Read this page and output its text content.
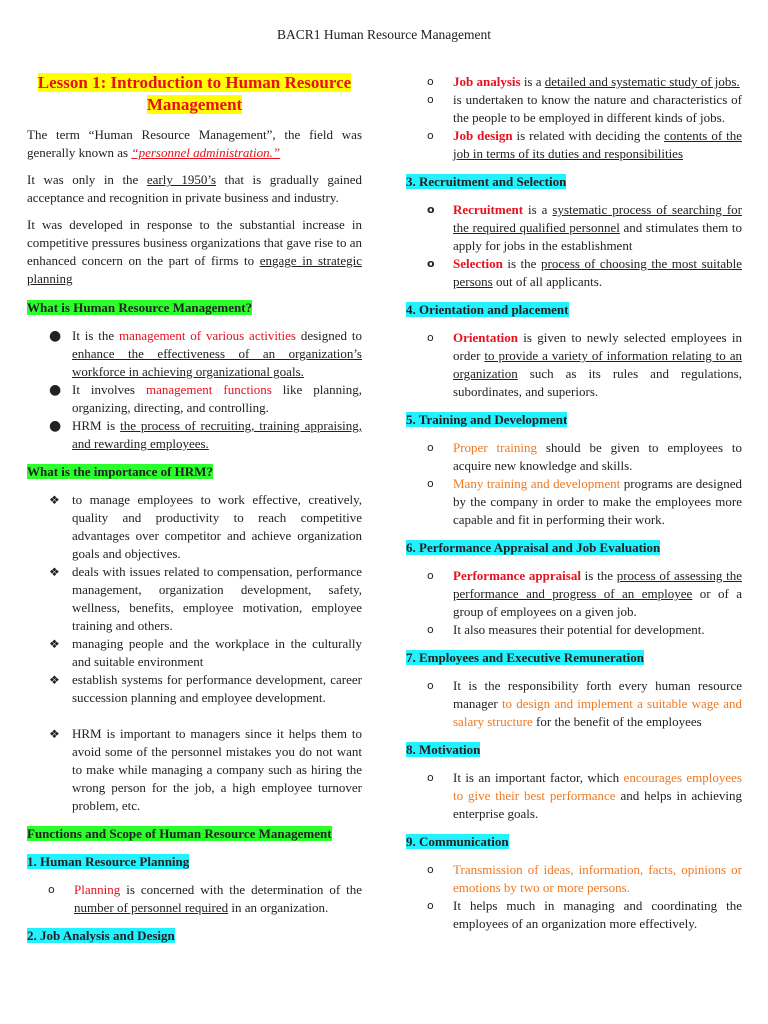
BACR1 Human Resource Management
Lesson 1: Introduction to Human Resource
Management

The term “Human Resource Management”, the field was generally known as “personnel administration.”

It was only in the early 1950’s that is gradually gained acceptance and recognition in private business and industry.

It was developed in response to the substantial increase in competitive pressures business organizations that gave rise to an enhanced concern on the part of firms to engage in strategic planning

What is Human Resource Management?
● It is the management of various activities designed to enhance the effectiveness of an organization’s workforce in achieving organizational goals.
● It involves management functions like planning, organizing, directing, and controlling.
● HRM is the process of recruiting, training appraising, and rewarding employees.
What is the importance of HRM?
❖ to manage employees to work effective, creatively, quality and productivity to reach competitive advantages over competitor and achieve organization goals and objectives.
❖ deals with issues related to compensation, performance management, organization development, safety, wellness, benefits, employee motivation, employee training and others.
❖ managing people and the workplace in the culturally and suitable environment
❖ establish systems for performance development, career succession planning and employee development.
❖ HRM is important to managers since it helps them to avoid some of the personnel mistakes you do not want to make while managing a company such as hiring the wrong person for the job, a high employee turnover problem, etc.
Functions and Scope of Human Resource Management
1. Human Resource Planning
o	Planning is concerned with the determination of the number of personnel required in an organization.
2. Job Analysis and Design
o	Job analysis is a detailed and systematic study of jobs.
o	is undertaken to know the nature and characteristics of the people to be employed in different kinds of jobs.
o	Job design is related with deciding the contents of the job in terms of its duties and responsibilities
3. Recruitment and Selection
o	Recruitment is a systematic process of searching for the required qualified personnel and stimulates them to apply for jobs in the establishment
o	Selection is the process of choosing the most suitable persons out of all applicants.
4. Orientation and placement
o	Orientation is given to newly selected employees in order to provide a variety of information relating to an organization such as its rules and regulations, subordinates, and superiors.
5. Training and Development
o	Proper training should be given to employees to acquire new knowledge and skills.
o	Many training and development programs are designed by the company in order to make the employees more capable and fit in performing their work.
6. Performance Appraisal and Job Evaluation
o	Performance appraisal is the process of assessing the performance and progress of an employee or of a group of employees on a given job.
o	It also measures their potential for development.
7. Employees and Executive Remuneration
o	It is the responsibility forth every human resource manager to design and implement a suitable wage and salary structure for the benefit of the employees
8. Motivation
o	It is an important factor, which encourages employees to give their best performance and helps in achieving enterprise goals.
9. Communication
o	Transmission of ideas, information, facts, opinions or emotions by two or more persons.
o	It helps much in managing and coordinating the employees of an organization more effectively.
